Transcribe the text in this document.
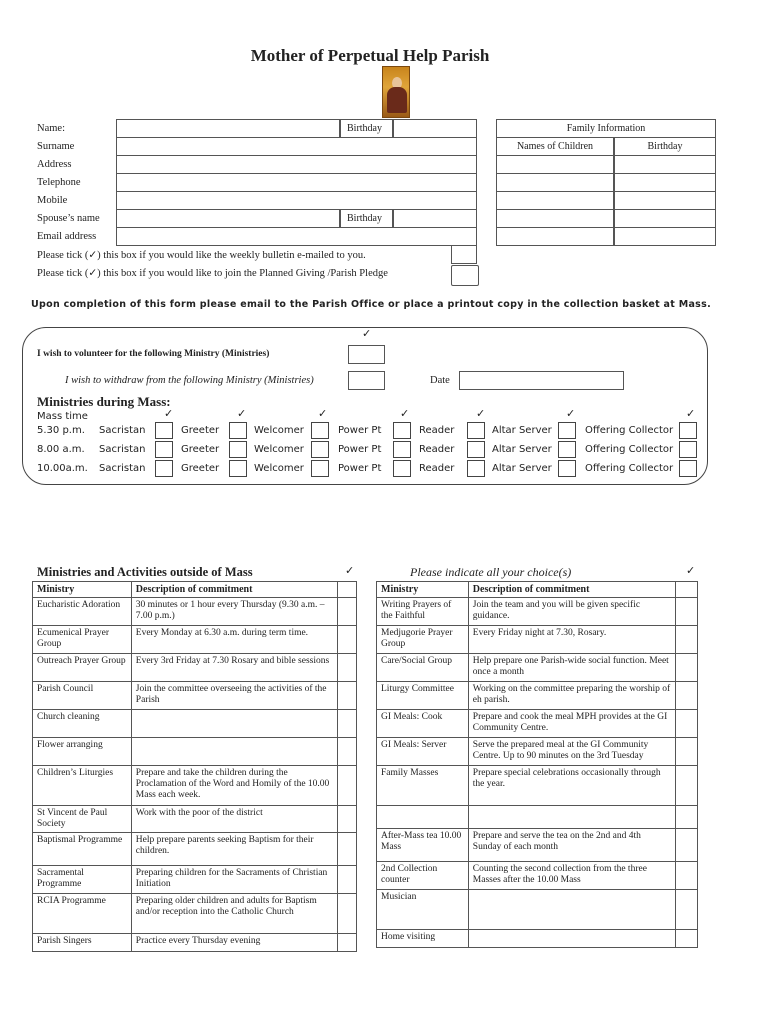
Mother of Perpetual Help Parish
Name:
Surname
Address
Telephone
Mobile
Spouse’s name
Email address
Birthday
Birthday
Family Information
Names of Children	Birthday
Please tick (✓) this box if you would like the weekly bulletin e-mailed to you.
Please tick (✓) this box if you would like to join the Planned Giving /Parish Pledge
Upon completion of this form please email to the Parish Office or place a printout copy in the collection basket at Mass.
✓
I wish to volunteer for the following Ministry (Ministries)
I wish to withdraw from the following Ministry (Ministries)	Date
Ministries during Mass:
Mass time	✓	✓	✓	✓	✓	✓	✓
5.30 p.m. Sacristan	Greeter	Welcomer	Power Pt	Reader	Altar Server	Offering Collector
8.00 a.m. Sacristan	Greeter	Welcomer	Power Pt	Reader	Altar Server	Offering Collector
10.00a.m. Sacristan	Greeter	Welcomer	Power Pt	Reader	Altar Server	Offering Collector
Ministries and Activities outside of Mass	✓	Please indicate all your choice(s)	✓
Ministry	Description of commitment	
Eucharistic Adoration	30 minutes or 1 hour every Thursday (9.30 a.m. – 7.00 p.m.)	
Ecumenical Prayer Group	Every Monday at 6.30 a.m. during term time.	
Outreach Prayer Group	Every 3rd Friday at 7.30 Rosary and bible sessions	
Parish Council	Join the committee overseeing the activities of the Parish	
Church cleaning		
Flower arranging		
Children’s Liturgies	Prepare and take the children during the Proclamation of the Word and Homily of the 10.00 Mass each week.	
St Vincent de Paul Society	Work with the poor of the district	
Baptismal Programme	Help prepare parents seeking Baptism for their children.	
Sacramental Programme	Preparing children for the Sacraments of Christian Initiation	
RCIA Programme	Preparing older children and adults for Baptism and/or reception into the Catholic Church	
Parish Singers	Practice every Thursday evening	
Ministry	Description of commitment	
Writing Prayers of the Faithful	Join the team and you will be given specific guidance.	
Medjugorie Prayer Group	Every Friday night at 7.30, Rosary.	
Care/Social Group	Help prepare one Parish-wide social function. Meet once a month	
Liturgy Committee	Working on the committee preparing the worship of eh parish.	
GI Meals: Cook	Prepare and cook the meal MPH provides at the GI Community Centre.	
GI Meals: Server	Serve the prepared meal at the GI Community Centre. Up to 90 minutes on the 3rd Tuesday	
Family Masses	Prepare special celebrations occasionally through the year.	

After-Mass tea 10.00 Mass	Prepare and serve the tea on the 2nd and 4th Sunday of each month	
2nd Collection counter	Counting the second collection from the three Masses after the 10.00 Mass	
Musician		
Home visiting		
